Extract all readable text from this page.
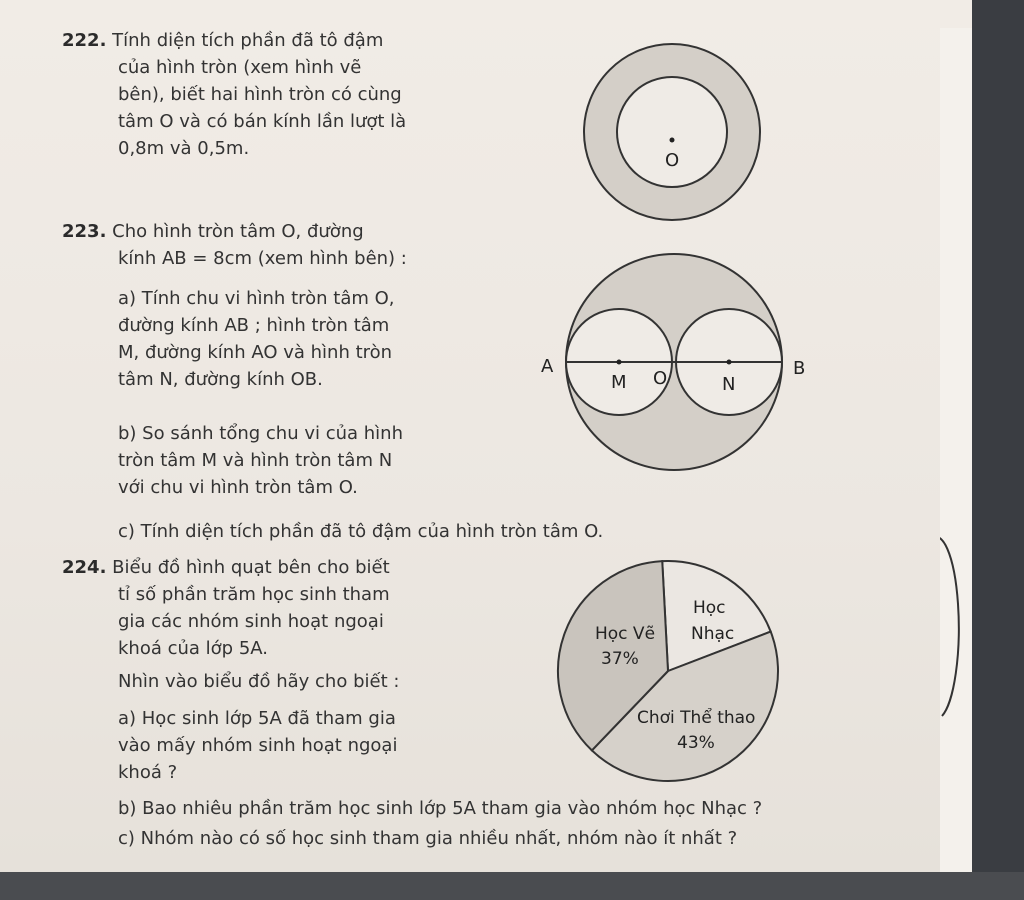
222. Tính diện tích phần đã tô đậm
của hình tròn (xem hình vẽ
bên), biết hai hình tròn có cùng
tâm O và có bán kính lần lượt là
0,8m và 0,5m.
O
223. Cho hình tròn tâm O, đường
kính AB = 8cm (xem hình bên) :
a) Tính chu vi hình tròn tâm O,
đường kính AB ; hình tròn tâm
M, đường kính AO và hình tròn
tâm N, đường kính OB.
b) So sánh tổng chu vi của hình
tròn tâm M và hình tròn tâm N
với chu vi hình tròn tâm O.
c) Tính diện tích phần đã tô đậm của hình tròn tâm O.
A
M O	N
B
224. Biểu đồ hình quạt bên cho biết
tỉ số phần trăm học sinh tham
gia các nhóm sinh hoạt ngoại
khoá của lớp 5A.
Nhìn vào biểu đồ hãy cho biết :
a) Học sinh lớp 5A đã tham gia
vào mấy nhóm sinh hoạt ngoại
khoá ?
b) Bao nhiêu phần trăm học sinh lớp 5A tham gia vào nhóm học Nhạc ?
c) Nhóm nào có số học sinh tham gia nhiều nhất, nhóm nào ít nhất ?
Học Vẽ
37%
Học
Nhạc
Chơi Thể thao
43%
